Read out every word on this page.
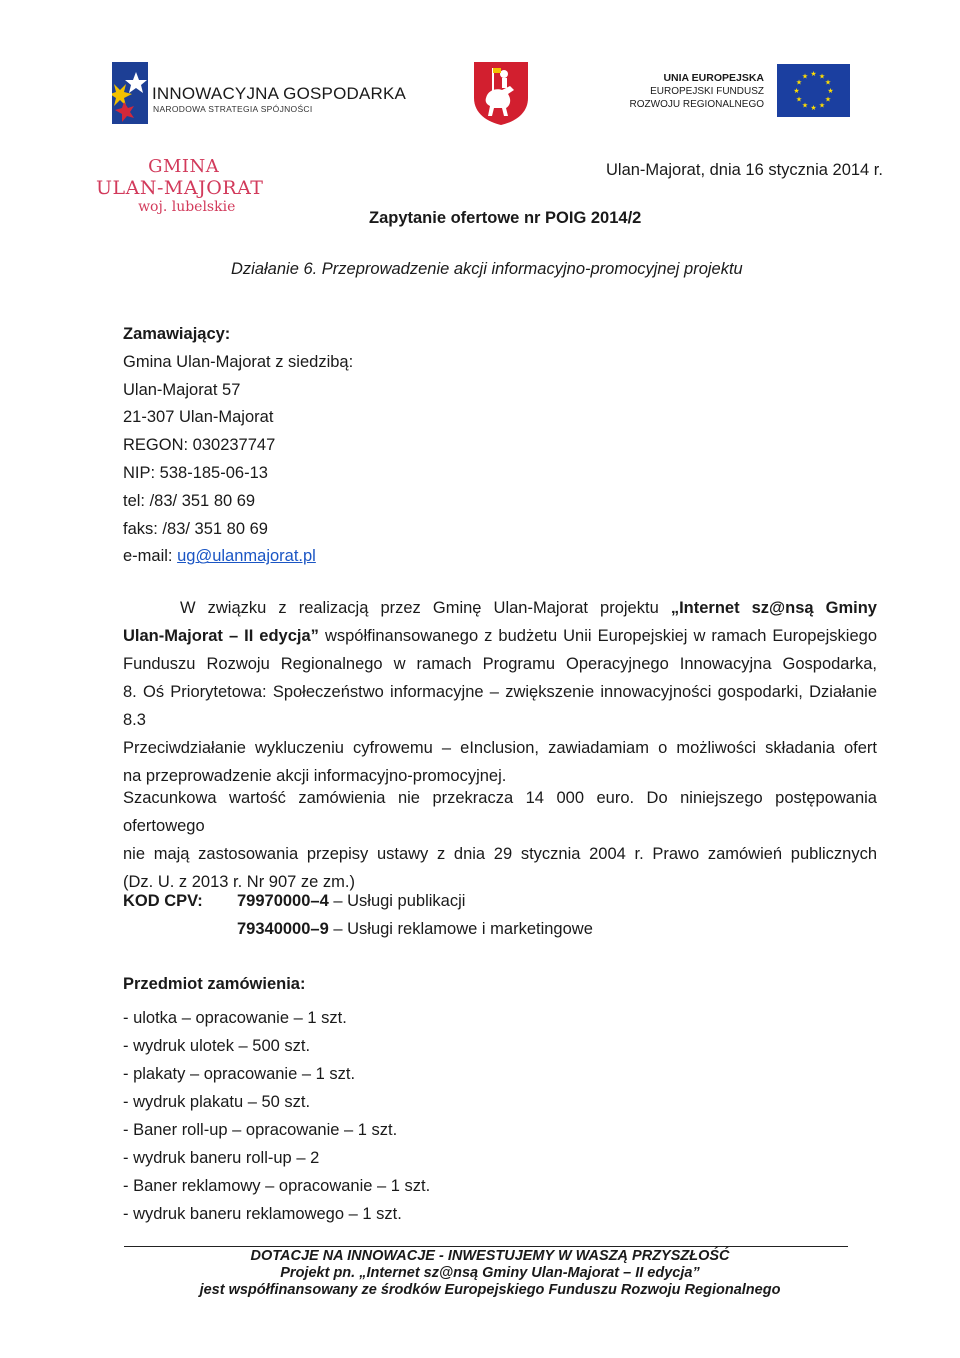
INNOWACYJNA GOSPODARKA
NARODOWA STRATEGIA SPÓJNOŚCI
UNIA EUROPEJSKA
EUROPEJSKI FUNDUSZ
ROZWOJU REGIONALNEGO
★ ★
★
★
★
★
★
★
★
★
★
★
GMINA
ULAN-MAJORAT
woj. lubelskie
Ulan-Majorat, dnia 16 stycznia 2014 r.
Zapytanie ofertowe nr POIG 2014/2
Działanie 6. Przeprowadzenie akcji informacyjno-promocyjnej projektu
Zamawiający:
Gmina Ulan-Majorat z siedzibą:
Ulan-Majorat 57
21-307 Ulan-Majorat
REGON: 030237747
NIP: 538-185-06-13
tel: /83/ 351 80 69
faks: /83/ 351 80 69
e-mail: ug@ulanmajorat.pl
W związku z realizacją przez Gminę Ulan-Majorat projektu „Internet sz@nsą Gminy
Ulan-Majorat – II edycja” współfinansowanego z budżetu Unii Europejskiej w ramach Europejskiego
Funduszu Rozwoju Regionalnego w ramach Programu Operacyjnego Innowacyjna Gospodarka,
8. Oś Priorytetowa: Społeczeństwo informacyjne – zwiększenie innowacyjności gospodarki, Działanie 8.3
Przeciwdziałanie wykluczeniu cyfrowemu – eInclusion, zawiadamiam o możliwości składania ofert
na przeprowadzenie akcji informacyjno-promocyjnej.
Szacunkowa wartość zamówienia nie przekracza 14 000 euro. Do niniejszego postępowania ofertowego
nie mają zastosowania przepisy ustawy z dnia 29 stycznia 2004 r. Prawo zamówień publicznych
(Dz. U. z 2013 r. Nr 907 ze zm.)
KOD CPV: 79970000–4 – Usługi publikacji
79340000–9 – Usługi reklamowe i marketingowe
Przedmiot zamówienia:
- ulotka – opracowanie – 1 szt.
- wydruk ulotek – 500 szt.
- plakaty – opracowanie – 1 szt.
- wydruk plakatu – 50 szt.
- Baner roll-up – opracowanie – 1 szt.
- wydruk baneru roll-up – 2
- Baner reklamowy – opracowanie – 1 szt.
- wydruk baneru reklamowego – 1 szt.
DOTACJE NA INNOWACJE - INWESTUJEMY W WASZĄ PRZYSZŁOŚĆ
Projekt pn. „Internet sz@nsą Gminy Ulan-Majorat – II edycja”
jest współfinansowany ze środków Europejskiego Funduszu Rozwoju Regionalnego
